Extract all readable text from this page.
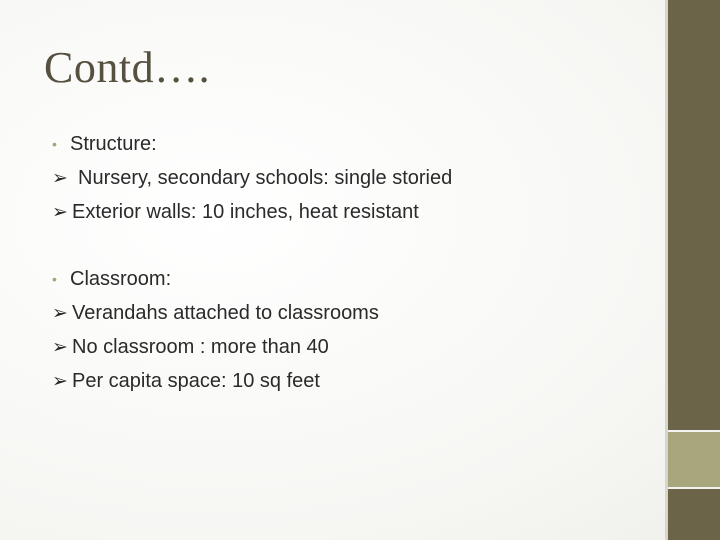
Contd….
• Structure:
➢ Nursery, secondary schools: single storied
➢ Exterior walls: 10 inches, heat resistant
• Classroom:
➢ Verandahs attached to classrooms
➢ No classroom : more than 40
➢ Per capita space: 10 sq feet
